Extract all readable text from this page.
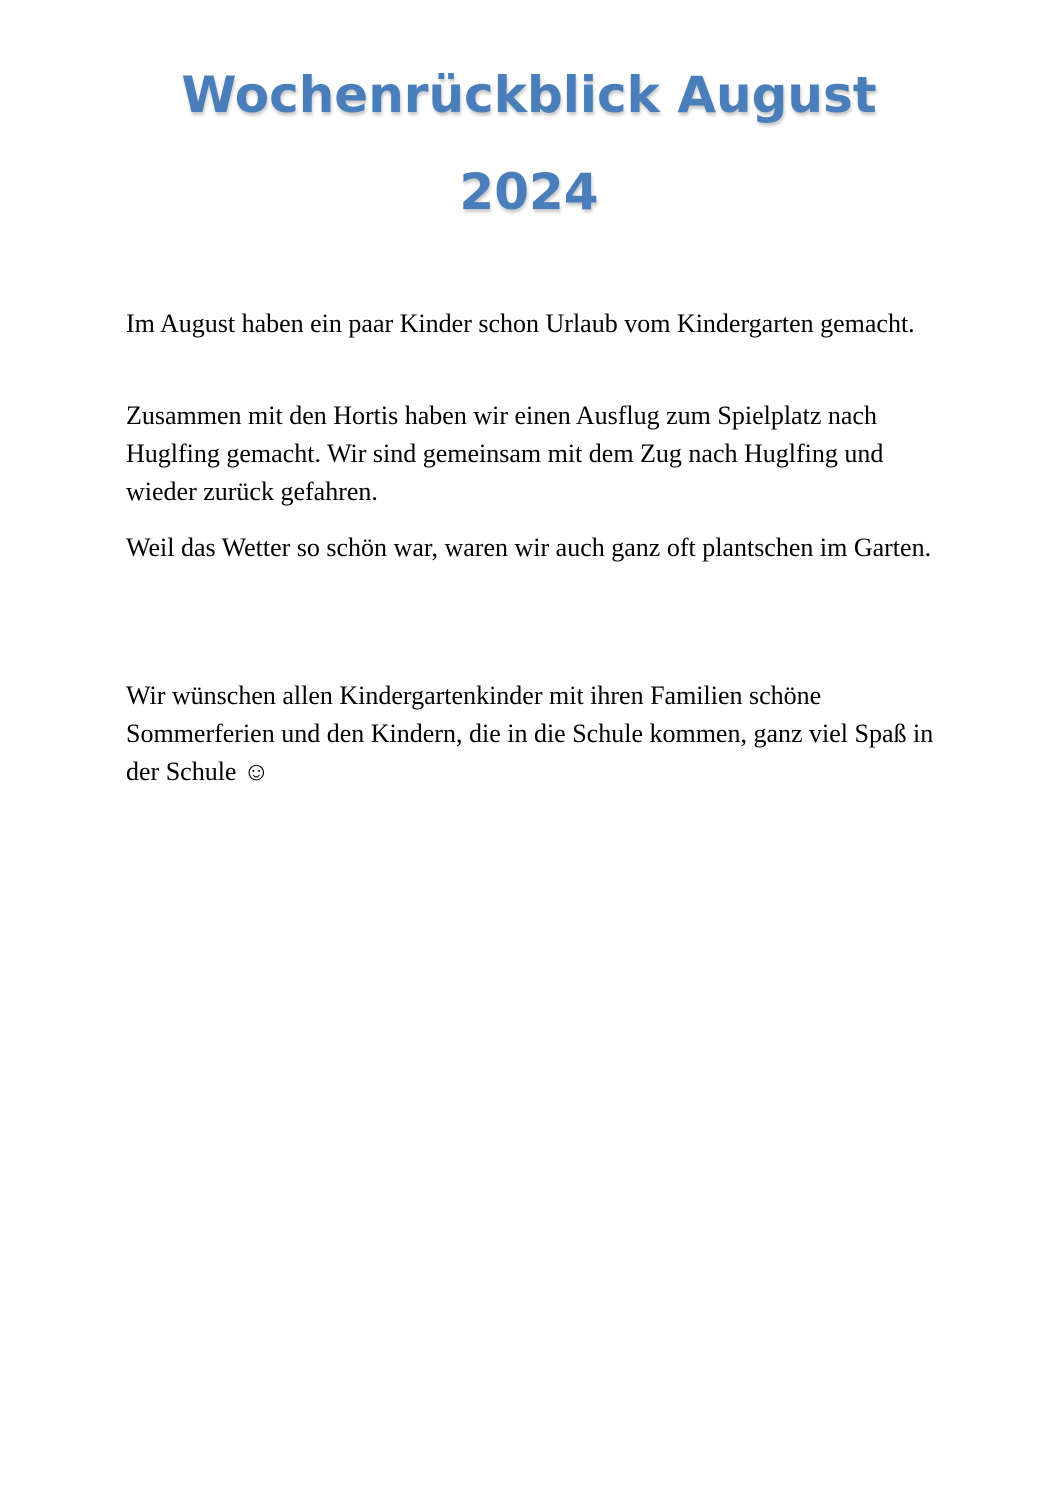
Wochenrückblick August
2024

Im August haben ein paar Kinder schon Urlaub vom Kindergarten gemacht.

Zusammen mit den Hortis haben wir einen Ausflug zum Spielplatz nach Huglfing gemacht. Wir sind gemeinsam mit dem Zug nach Huglfing und wieder zurück gefahren.

Weil das Wetter so schön war, waren wir auch ganz oft plantschen im Garten.

Wir wünschen allen Kindergartenkinder mit ihren Familien schöne Sommerferien und den Kindern, die in die Schule kommen, ganz viel Spaß in der Schule ☺
